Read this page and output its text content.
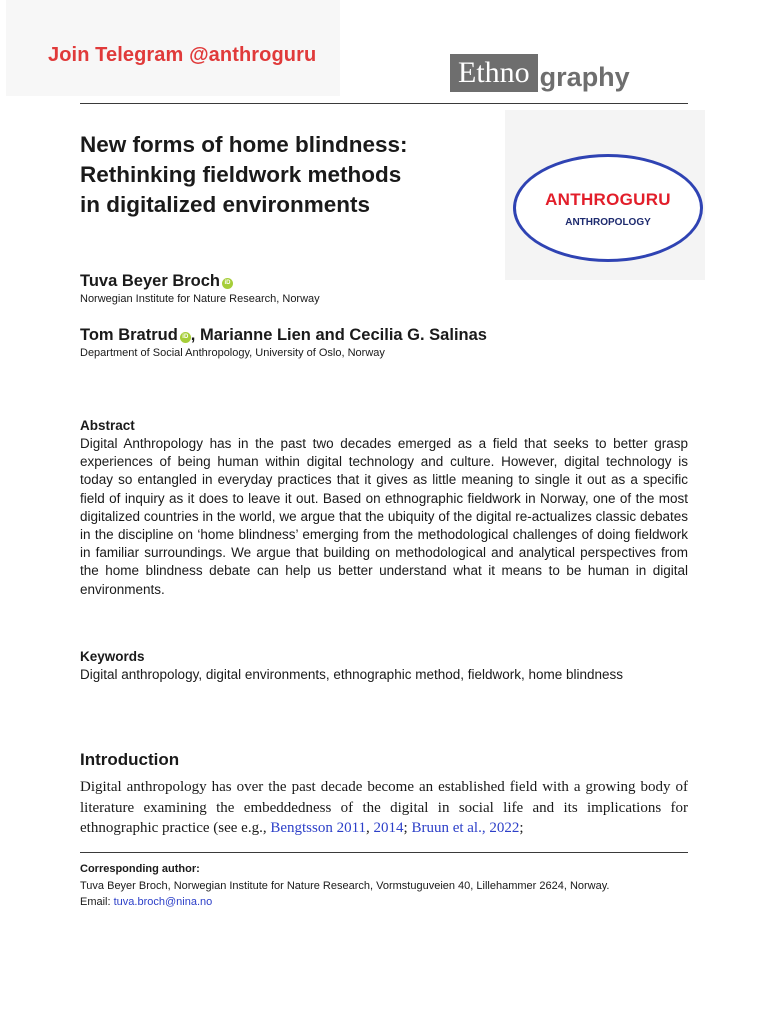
Join Telegram @anthroguru
Ethno graphy
New forms of home blindness:
Rethinking fieldwork methods
in digitalized environments	ANTHROGURU
ANTHROPOLOGY
Tuva Beyer Broch iD
Norwegian Institute for Nature Research, Norway
Tom Bratrud iD , Marianne Lien and Cecilia G. Salinas
Department of Social Anthropology, University of Oslo, Norway
Abstract

Digital Anthropology has in the past two decades emerged as a field that seeks to better grasp experiences of being human within digital technology and culture. However, digital technology is today so entangled in everyday practices that it gives as little meaning to single it out as a specific field of inquiry as it does to leave it out. Based on ethnographic fieldwork in Norway, one of the most digitalized countries in the world, we argue that the ubiquity of the digital re-actualizes classic debates in the discipline on ‘home blindness’ emerging from the methodological challenges of doing fieldwork in familiar surroundings. We argue that building on methodological and analytical perspectives from the home blindness debate can help us better understand what it means to be human in digital environments.

Keywords

Digital anthropology, digital environments, ethnographic method, fieldwork, home blindness

Introduction

Digital anthropology has over the past decade become an established field with a growing body of literature examining the embeddedness of the digital in social life and its implications for ethnographic practice (see e.g., Bengtsson 2011, 2014; Bruun et al., 2022;

Corresponding author:

Tuva Beyer Broch, Norwegian Institute for Nature Research, Vormstuguveien 40, Lillehammer 2624, Norway.
Email: tuva.broch@nina.no
